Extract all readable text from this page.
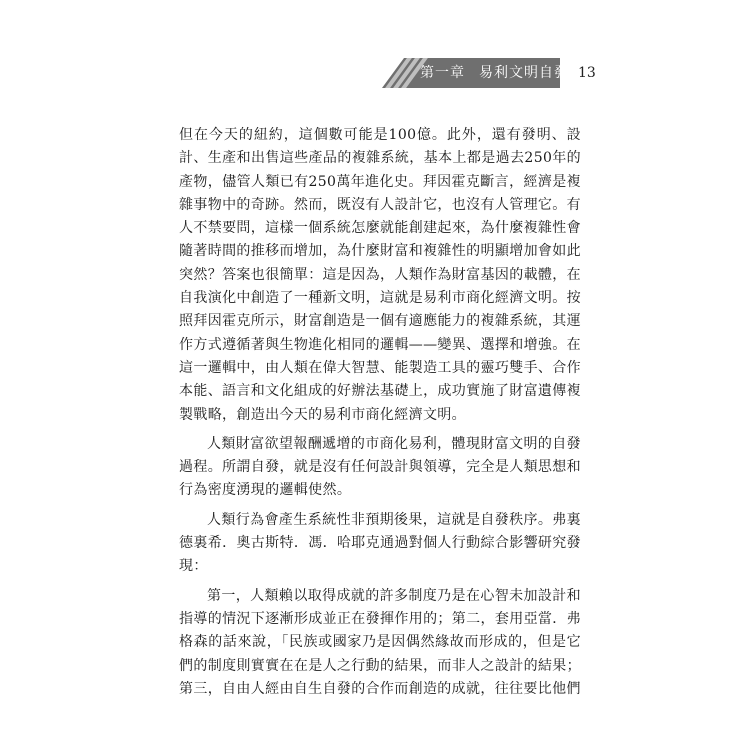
第一章 易利文明自發 13

但在今天的紐約，這個數可能是100億。此外，還有發明、設計、生產和出售這些產品的複雜系統，基本上都是過去250年的產物，儘管人類已有250萬年進化史。拜因霍克斷言，經濟是複雜事物中的奇跡。然而，既沒有人設計它，也沒有人管理它。有人不禁要問，這樣一個系統怎麼就能創建起來，為什麼複雜性會隨著時間的推移而增加，為什麼財富和複雜性的明顯增加會如此突然？答案也很簡單：這是因為，人類作為財富基因的載體，在自我演化中創造了一種新文明，這就是易利市商化經濟文明。按照拜因霍克所示，財富創造是一個有適應能力的複雜系統，其運作方式遵循著與生物進化相同的邏輯——變異、選擇和增強。在這一邏輯中，由人類在偉大智慧、能製造工具的靈巧雙手、合作本能、語言和文化組成的好辦法基礎上，成功實施了財富遺傳複製戰略，創造出今天的易利市商化經濟文明。

人類財富欲望報酬遞增的市商化易利，體現財富文明的自發過程。所謂自發，就是沒有任何設計與領導，完全是人類思想和行為密度湧現的邏輯使然。

人類行為會產生系統性非預期後果，這就是自發秩序。弗裏德裏希．奧古斯特．馮．哈耶克通過對個人行動綜合影響研究發現：

第一，人類賴以取得成就的許多制度乃是在心智未加設計和指導的情況下逐漸形成並正在發揮作用的；第二，套用亞當．弗格森的話來說，「民族或國家乃是因偶然緣故而形成的，但是它們的制度則實實在在是人之行動的結果，而非人之設計的結果；第三，自由人經由自生自發的合作而創造的成就，往往要比他們
